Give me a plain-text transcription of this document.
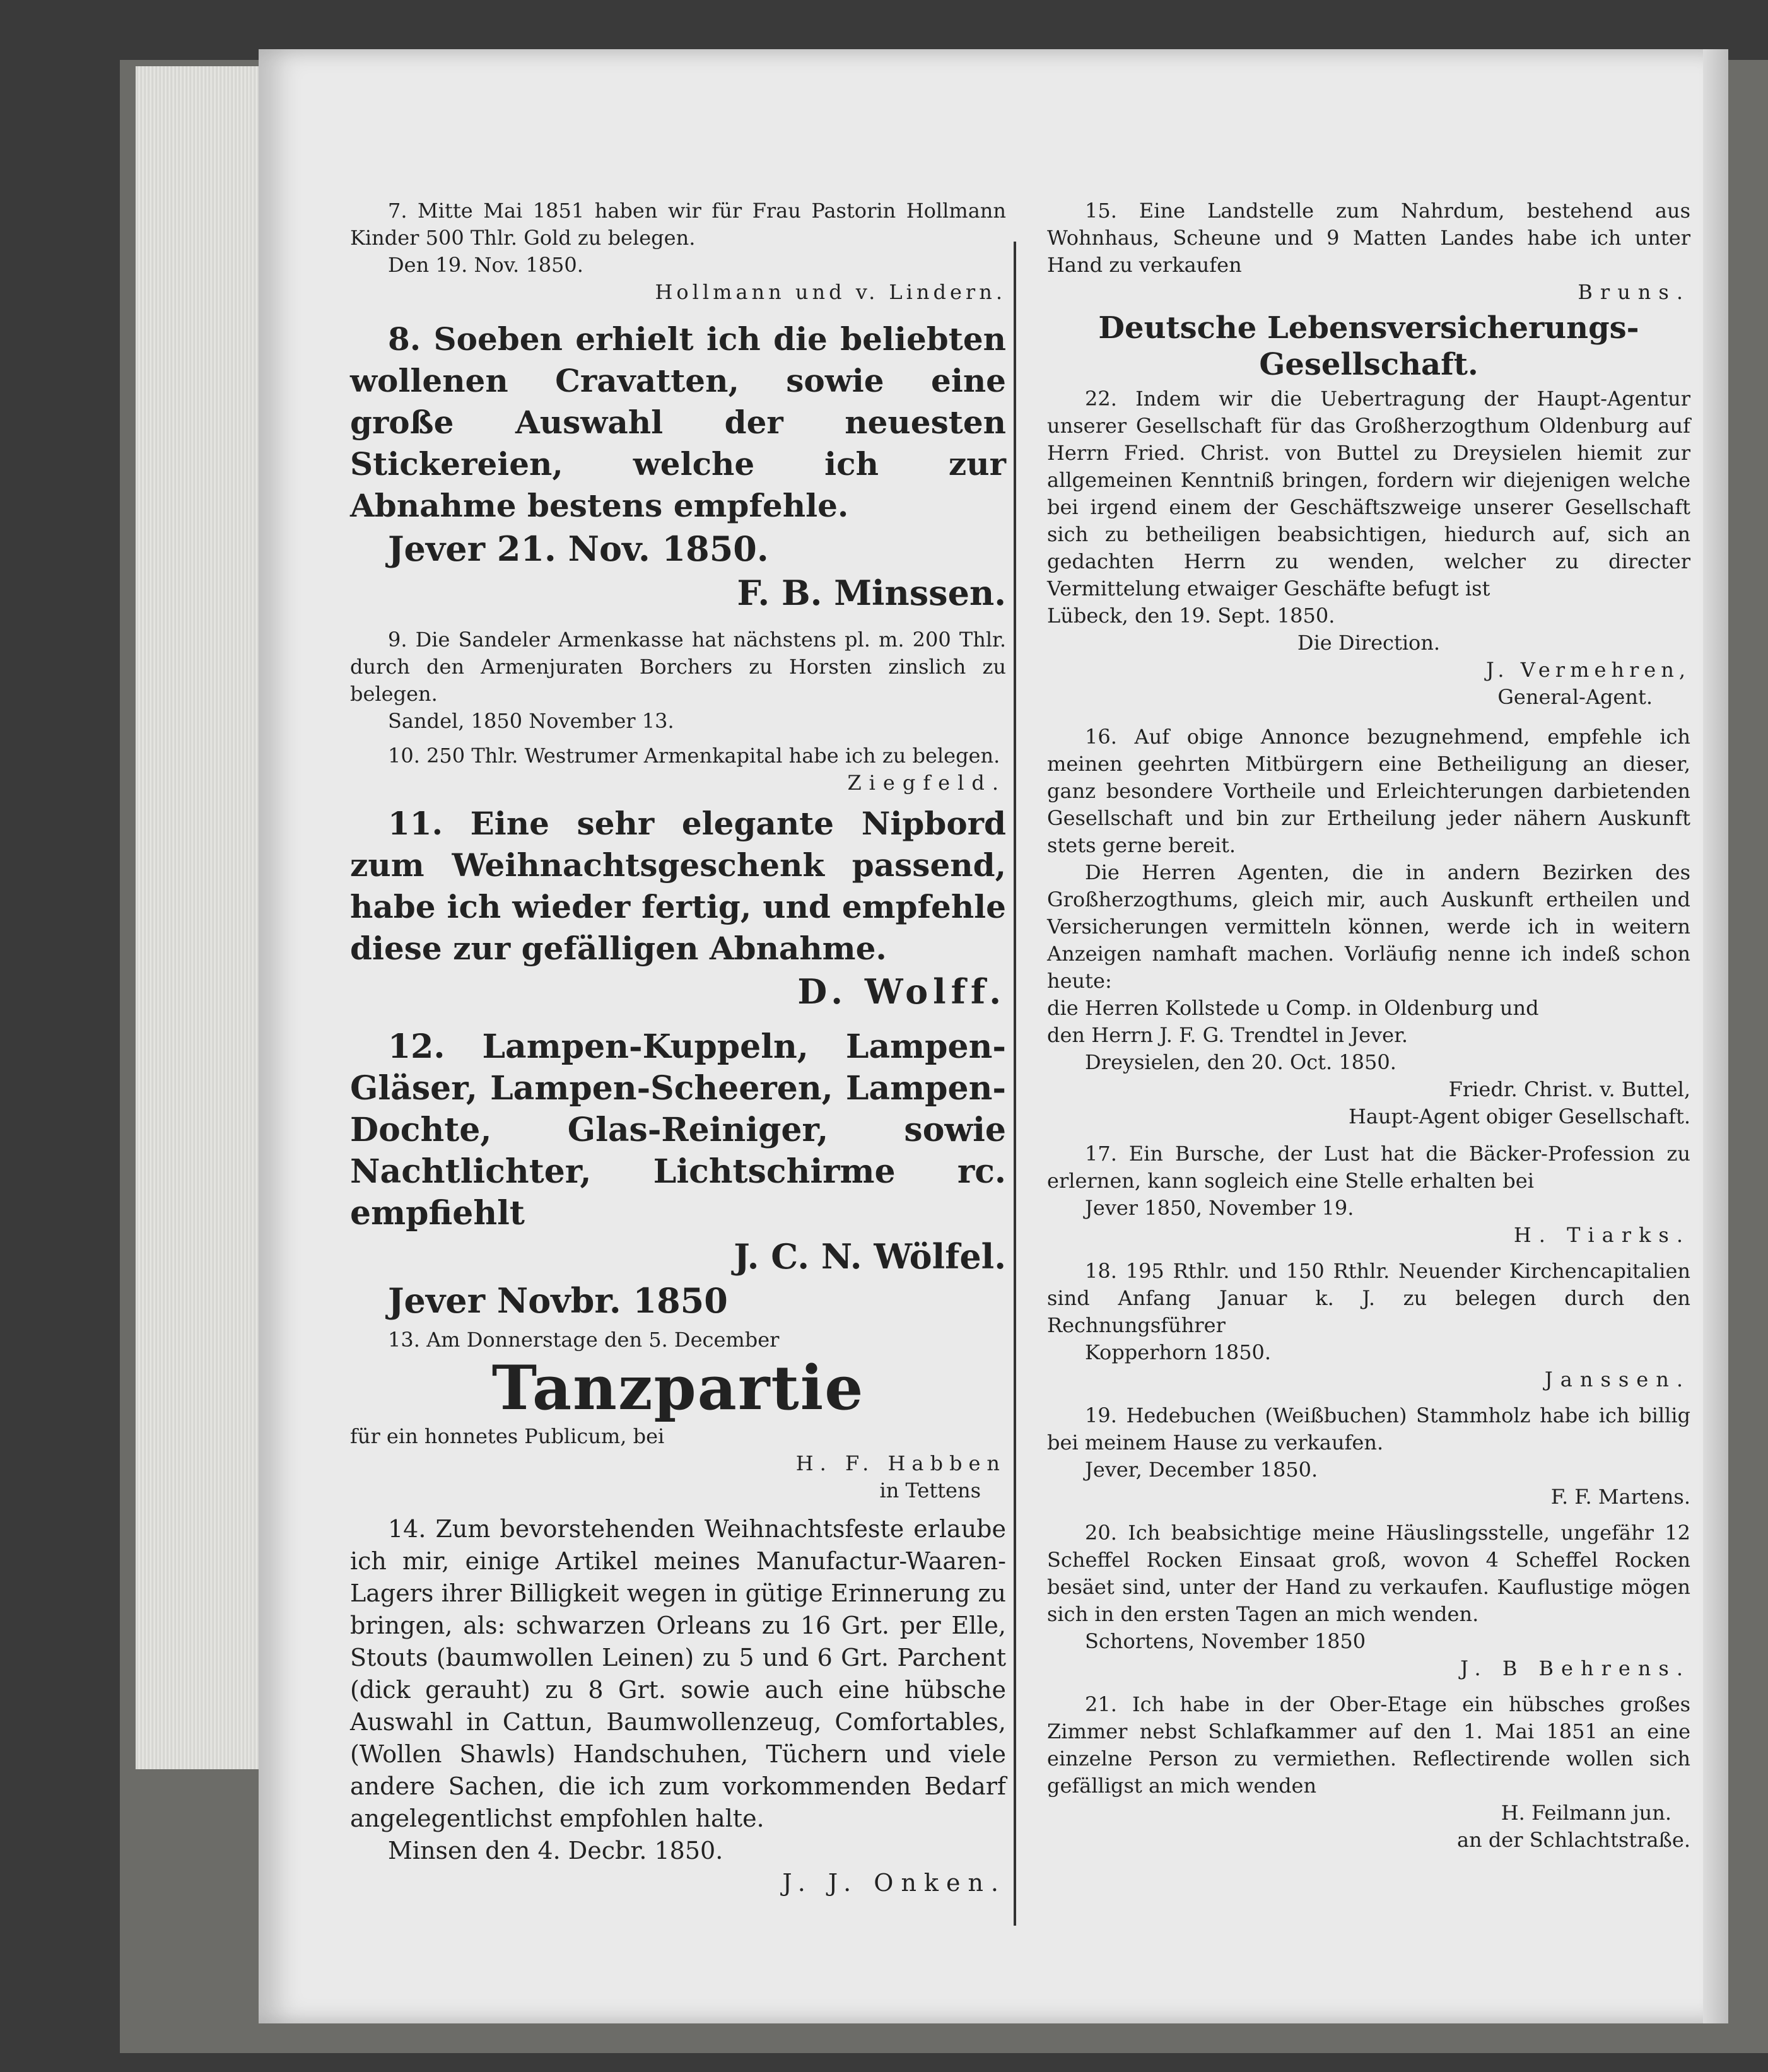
7. Mitte Mai 1851 haben wir für Frau Pastorin Hollmann Kinder 500 Thlr. Gold zu belegen.

Den 19. Nov. 1850.

Hollmann und v. Lindern.

8. Soeben erhielt ich die beliebten wollenen Cravatten, sowie eine große Auswahl der neuesten Stickereien, welche ich zur Abnahme bestens empfehle.

Jever 21. Nov. 1850.

F. B. Minssen.

9. Die Sandeler Armenkasse hat nächstens pl. m. 200 Thlr. durch den Armenjuraten Borchers zu Horsten zinslich zu belegen.

Sandel, 1850 November 13.

10. 250 Thlr. Westrumer Armenkapital habe ich zu belegen.

Ziegfeld.

11. Eine sehr elegante Nipbord zum Weihnachtsgeschenk passend, habe ich wieder fertig, und empfehle diese zur gefälligen Abnahme.

D. Wolff.

12. Lampen-Kuppeln, Lampen-Gläser, Lampen-Scheeren, Lampen-Dochte, Glas-Reiniger, sowie Nachtlichter, Lichtschirme rc. empfiehlt

J. C. N. Wölfel.

Jever Novbr. 1850

13. Am Donnerstage den 5. December

Tanzpartie

für ein honnetes Publicum, bei

H. F. Habben

in Tettens

14. Zum bevorstehenden Weihnachtsfeste erlaube ich mir, einige Artikel meines Manufactur-Waaren-Lagers ihrer Billigkeit wegen in gütige Erinnerung zu bringen, als: schwarzen Orleans zu 16 Grt. per Elle, Stouts (baumwollen Leinen) zu 5 und 6 Grt. Parchent (dick gerauht) zu 8 Grt. sowie auch eine hübsche Auswahl in Cattun, Baumwollenzeug, Comfortables, (Wollen Shawls) Handschuhen, Tüchern und viele andere Sachen, die ich zum vorkommenden Bedarf angelegentlichst empfohlen halte.

Minsen den 4. Decbr. 1850.

J. J. Onken.

15. Eine Landstelle zum Nahrdum, bestehend aus Wohnhaus, Scheune und 9 Matten Landes habe ich unter Hand zu verkaufen

Bruns.

Deutsche Lebensversicherungs-Gesellschaft.

22. Indem wir die Uebertragung der Haupt-Agentur unserer Gesellschaft für das Großherzogthum Oldenburg auf Herrn Fried. Christ. von Buttel zu Dreysielen hiemit zur allgemeinen Kenntniß bringen, fordern wir diejenigen welche bei irgend einem der Geschäftszweige unserer Gesellschaft sich zu betheiligen beabsichtigen, hiedurch auf, sich an gedachten Herrn zu wenden, welcher zu directer Vermittelung etwaiger Geschäfte befugt ist

Lübeck, den 19. Sept. 1850.

Die Direction.

J. Vermehren,

General-Agent.

16. Auf obige Annonce bezugnehmend, empfehle ich meinen geehrten Mitbürgern eine Betheiligung an dieser, ganz besondere Vortheile und Erleichterungen darbietenden Gesellschaft und bin zur Ertheilung jeder nähern Auskunft stets gerne bereit.

Die Herren Agenten, die in andern Bezirken des Großherzogthums, gleich mir, auch Auskunft ertheilen und Versicherungen vermitteln können, werde ich in weitern Anzeigen namhaft machen. Vorläufig nenne ich indeß schon heute:

die Herren Kollstede u Comp. in Oldenburg und

den Herrn J. F. G. Trendtel in Jever.

Dreysielen, den 20. Oct. 1850.

Friedr. Christ. v. Buttel,

Haupt-Agent obiger Gesellschaft.

17. Ein Bursche, der Lust hat die Bäcker-Profession zu erlernen, kann sogleich eine Stelle erhalten bei

Jever 1850, November 19.

H. Tiarks.

18. 195 Rthlr. und 150 Rthlr. Neuender Kirchencapitalien sind Anfang Januar k. J. zu belegen durch den Rechnungsführer

Kopperhorn 1850.

Janssen.

19. Hedebuchen (Weißbuchen) Stammholz habe ich billig bei meinem Hause zu verkaufen.

Jever, December 1850.

F. F. Martens.

20. Ich beabsichtige meine Häuslingsstelle, ungefähr 12 Scheffel Rocken Einsaat groß, wovon 4 Scheffel Rocken besäet sind, unter der Hand zu verkaufen. Kauflustige mögen sich in den ersten Tagen an mich wenden.

Schortens, November 1850

J. B Behrens.

21. Ich habe in der Ober-Etage ein hübsches großes Zimmer nebst Schlafkammer auf den 1. Mai 1851 an eine einzelne Person zu vermiethen. Reflectirende wollen sich gefälligst an mich wenden

H. Feilmann jun.

an der Schlachtstraße.
